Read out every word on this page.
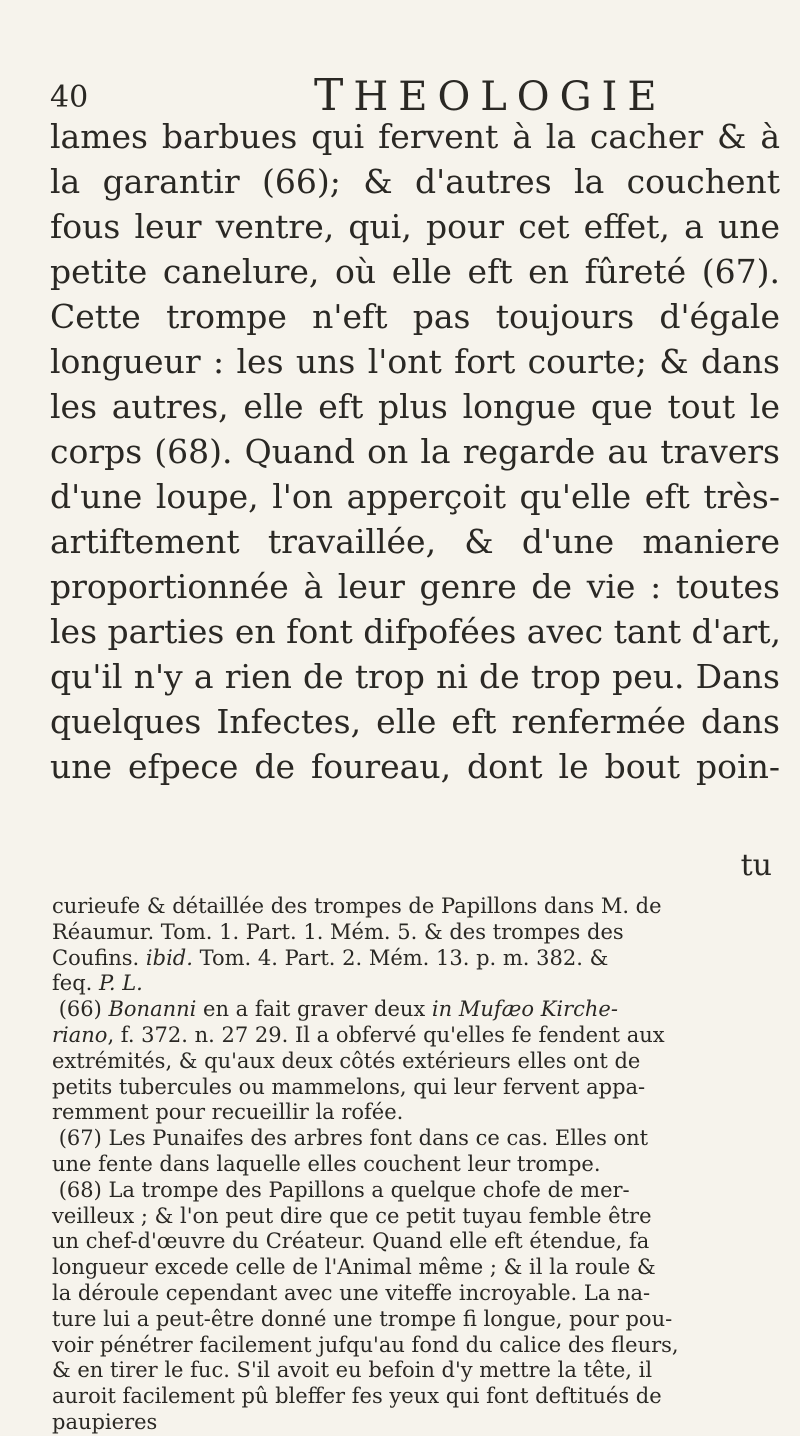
40	THEOLOGIE
lames barbues qui fervent à la cacher & à
la garantir (66); & d'autres la couchent
fous leur ventre, qui, pour cet effet, a une
petite canelure, où elle eft en fûreté (67).
Cette trompe n'eft pas toujours d'égale
longueur : les uns l'ont fort courte; & dans
les autres, elle eft plus longue que tout le
corps (68). Quand on la regarde au travers
d'une loupe, l'on apperçoit qu'elle eft très-
artiftement travaillée, & d'une maniere
proportionnée à leur genre de vie : toutes
les parties en font difpofées avec tant d'art,
qu'il n'y a rien de trop ni de trop peu. Dans
quelques Infectes, elle eft renfermée dans
une efpece de foureau, dont le bout poin-
tu
curieufe & détaillée des trompes de Papillons dans M. de
Réaumur. Tom. 1. Part. 1. Mém. 5. & des trompes des
Coufins. ibid. Tom. 4. Part. 2. Mém. 13. p. m. 382. &
feq. P. L.
(66) Bonanni en a fait graver deux in Mufæo Kirche-
riano, f. 372. n. 27 29. Il a obfervé qu'elles fe fendent aux
extrémités, & qu'aux deux côtés extérieurs elles ont de
petits tubercules ou mammelons, qui leur fervent appa-
remment pour recueillir la rofée.
(67) Les Punaifes des arbres font dans ce cas. Elles ont
une fente dans laquelle elles couchent leur trompe.
(68) La trompe des Papillons a quelque chofe de mer-
veilleux ; & l'on peut dire que ce petit tuyau femble être
un chef-d'œuvre du Créateur. Quand elle eft étendue, fa
longueur excede celle de l'Animal même ; & il la roule &
la déroule cependant avec une viteffe incroyable. La na-
ture lui a peut-être donné une trompe fi longue, pour pou-
voir pénétrer facilement jufqu'au fond du calice des fleurs,
& en tirer le fuc. S'il avoit eu befoin d'y mettre la tête, il
auroit facilement pû bleffer fes yeux qui font deftitués de
paupieres
